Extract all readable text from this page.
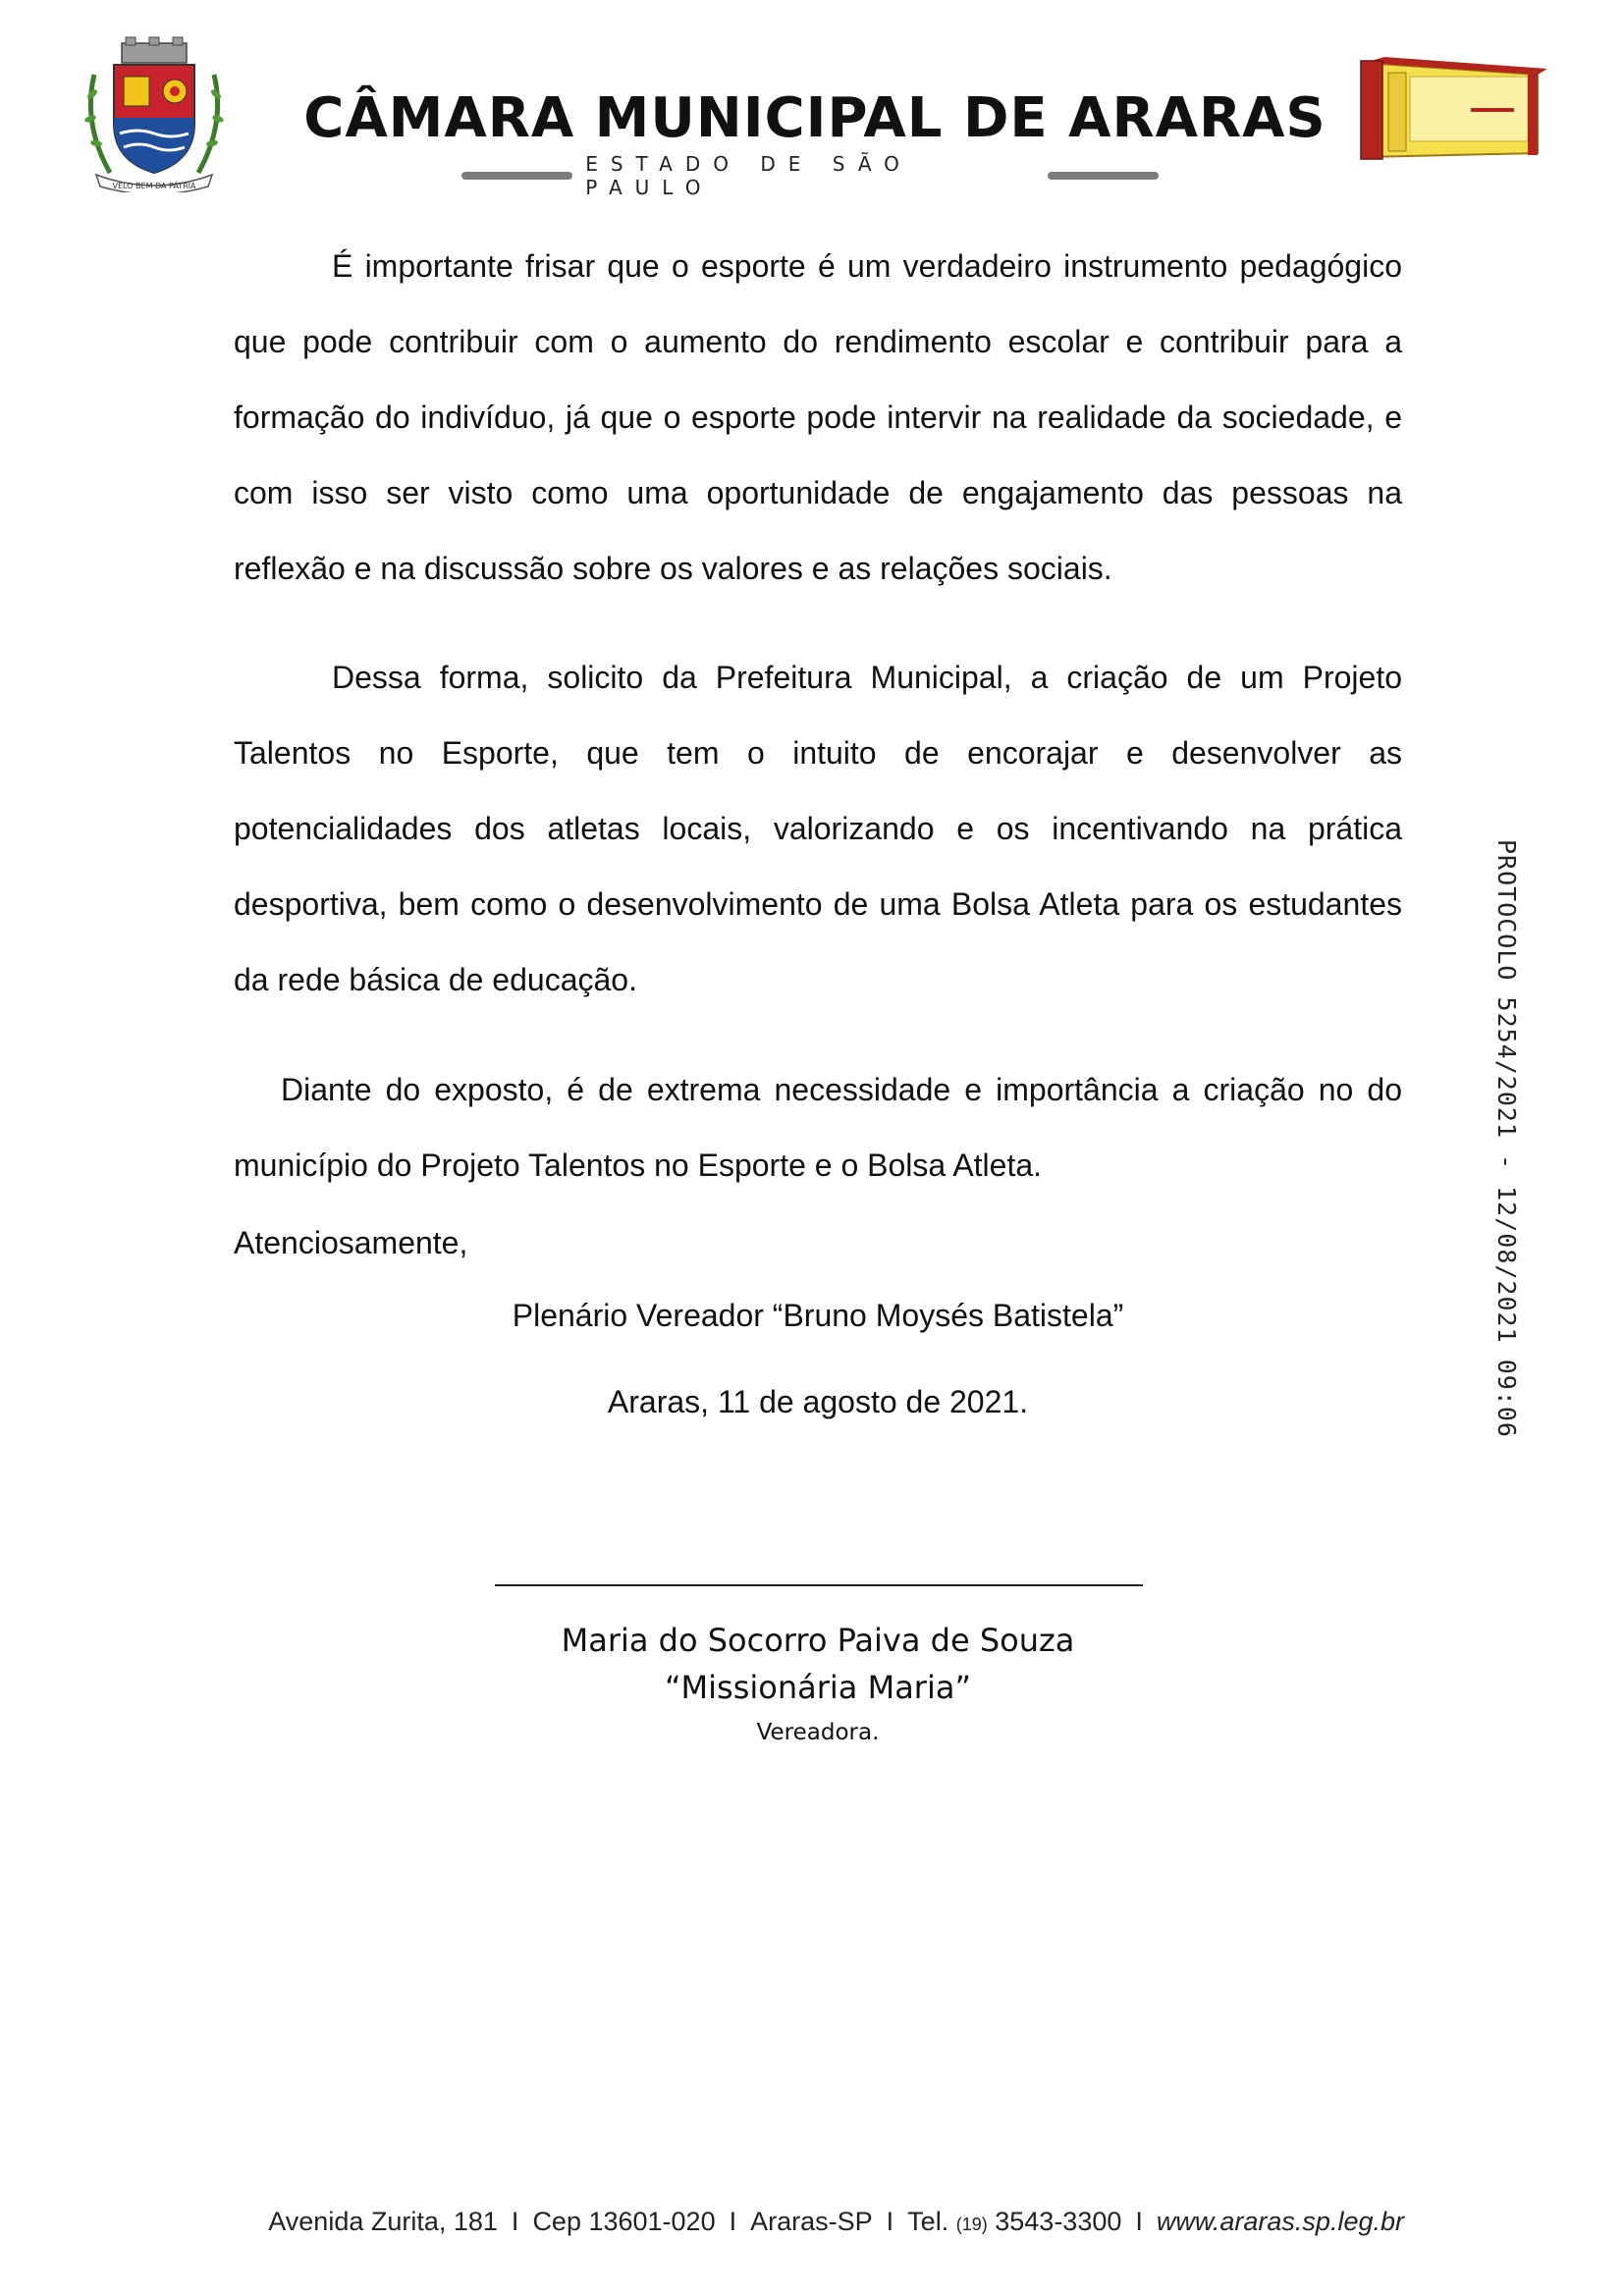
VELO BEM DA PÁTRIA
CÂMARA MUNICIPAL DE ARARAS
ESTADO DE SÃO PAULO

É importante frisar que o esporte é um verdadeiro instrumento pedagógico que pode contribuir com o aumento do rendimento escolar e contribuir para a formação do indivíduo, já que o esporte pode intervir na realidade da sociedade, e com isso ser visto como uma oportunidade de engajamento das pessoas na reflexão e na discussão sobre os valores e as relações sociais.

Dessa forma, solicito da Prefeitura Municipal, a criação de um Projeto Talentos no Esporte, que tem o intuito de encorajar e desenvolver as potencialidades dos atletas locais, valorizando e os incentivando na prática desportiva, bem como o desenvolvimento de uma Bolsa Atleta para os estudantes da rede básica de educação.

Diante do exposto, é de extrema necessidade e importância a criação no do município do Projeto Talentos no Esporte e o Bolsa Atleta.

Atenciosamente,

Plenário Vereador “Bruno Moysés Batistela”

Araras, 11 de agosto de 2021.

Maria do Socorro Paiva de Souza

“Missionária Maria”

Vereadora.

PROTOCOLO 5254/2021 - 12/08/2021 09:06
Avenida Zurita, 181 I Cep 13601-020 I Araras-SP I Tel. (19) 3543-3300 I www.araras.sp.leg.br
